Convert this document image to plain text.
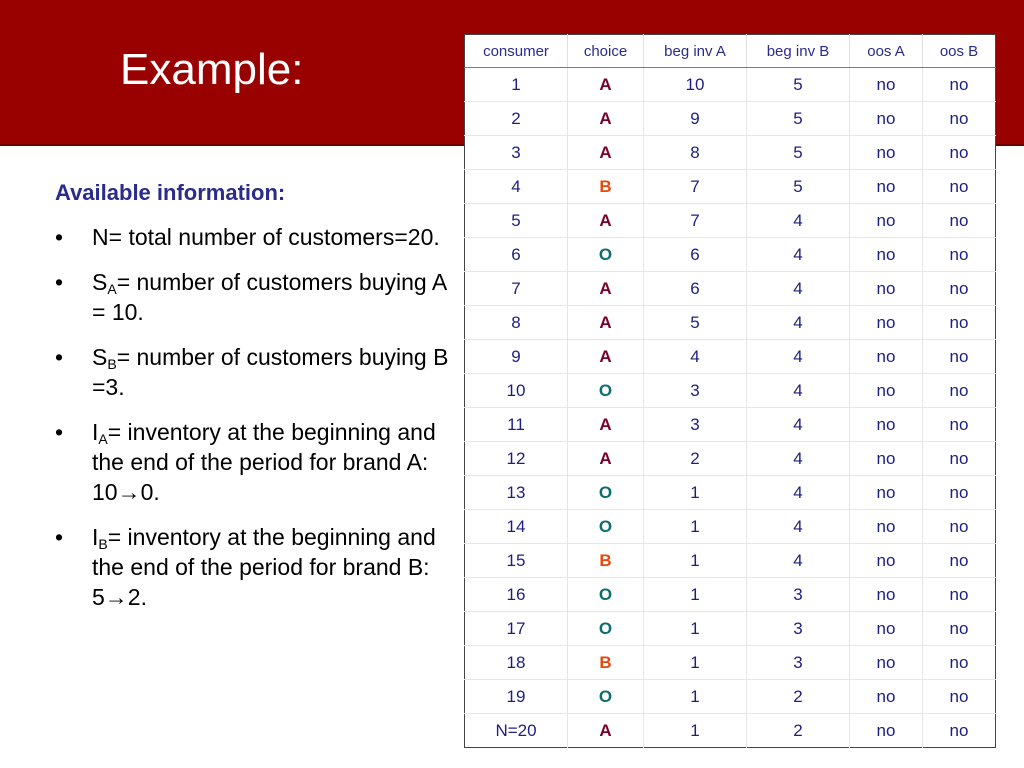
Example:
Available information:
• N= total number of customers=20.
• $S_A=$ number of customers buying A = 10.
• $S_B=$ number of customers buying B =3.
• $I_A=$ inventory at the beginning and the end of the period for brand A: 10→0.
• $I_B=$ inventory at the beginning and the end of the period for brand B: 5→2.
consumer	choice	beg inv A	beg inv B	oos A	oos B
1	A	10	5	no	no
2	A	9	5	no	no
3	A	8	5	no	no
4	B	7	5	no	no
5	A	7	4	no	no
6	O	6	4	no	no
7	A	6	4	no	no
8	A	5	4	no	no
9	A	4	4	no	no
10	O	3	4	no	no
11	A	3	4	no	no
12	A	2	4	no	no
13	O	1	4	no	no
14	O	1	4	no	no
15	B	1	4	no	no
16	O	1	3	no	no
17	O	1	3	no	no
18	B	1	3	no	no
19	O	1	2	no	no
N=20	A	1	2	no	no
